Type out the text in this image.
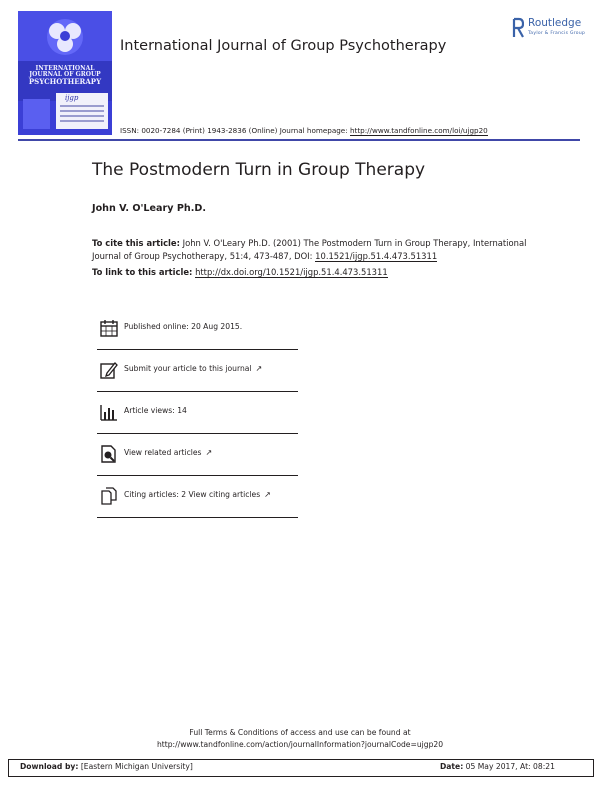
INTERNATIONAL
JOURNAL OF GROUP
PSYCHOTHERAPY
ijgp
International Journal of Group Psychotherapy
Routledge
Taylor & Francis Group
ISSN: 0020-7284 (Print) 1943-2836 (Online) Journal homepage: http://www.tandfonline.com/loi/ujgp20
The Postmodern Turn in Group Therapy
John V. O'Leary Ph.D.
To cite this article: John V. O'Leary Ph.D. (2001) The Postmodern Turn in Group Therapy, International Journal of Group Psychotherapy, 51:4, 473-487, DOI: 10.1521/ijgp.51.4.473.51311
To link to this article: http://dx.doi.org/10.1521/ijgp.51.4.473.51311
Published online: 20 Aug 2015.
Submit your article to this journal ↗
Article views: 14
View related articles ↗
Citing articles: 2 View citing articles ↗
Full Terms & Conditions of access and use can be found at
http://www.tandfonline.com/action/journalInformation?journalCode=ujgp20
Download by: [Eastern Michigan University]	Date: 05 May 2017, At: 08:21
